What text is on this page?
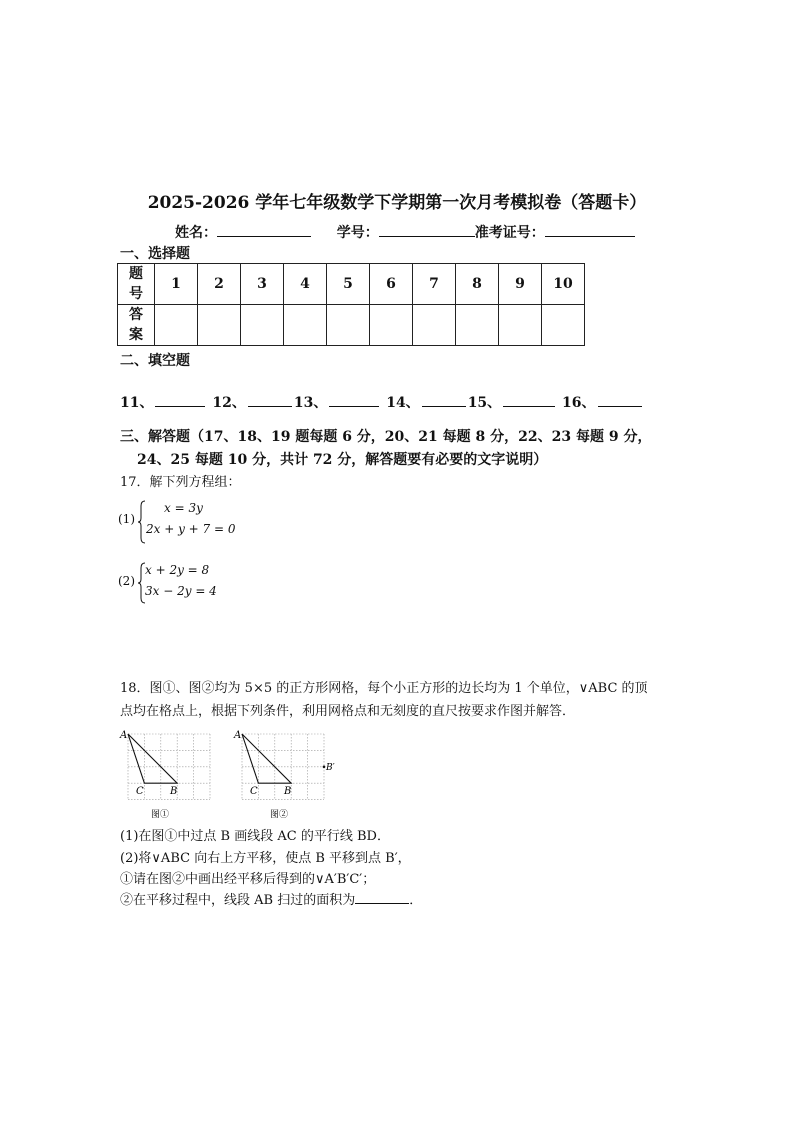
2025-2026 学年七年级数学下学期第一次月考模拟卷（答题卡）
姓名：	学号：	准考证号：
一、选择题
题号	1	2	3	4	5	6	7	8	9	10
答案										
二、填空题
11、	12、	13、	14、	15、	16、
三、解答题（17、18、19 题每题 6 分，20、21 每题 8 分，22、23 每题 9 分，
24、25 每题 10 分，共计 72 分，解答题要有必要的文字说明）
17．解下列方程组：
(1)
x = 3y
2x + y + 7 = 0
(2)
x + 2y = 8
3x − 2y = 4
18．图①、图②均为 5×5 的正方形网格，每个小正方形的边长均为 1 个单位，∨ABC 的顶
点均在格点上，根据下列条件，利用网格点和无刻度的直尺按要求作图并解答．
A
C	B
图①
A
C	B
B′
图②
(1)在图①中过点 B 画线段 AC 的平行线 BD．
(2)将∨ABC 向右上方平移，使点 B 平移到点 B′，
①请在图②中画出经平移后得到的∨A′B′C′；
②在平移过程中，线段 AB 扫过的面积为	．
